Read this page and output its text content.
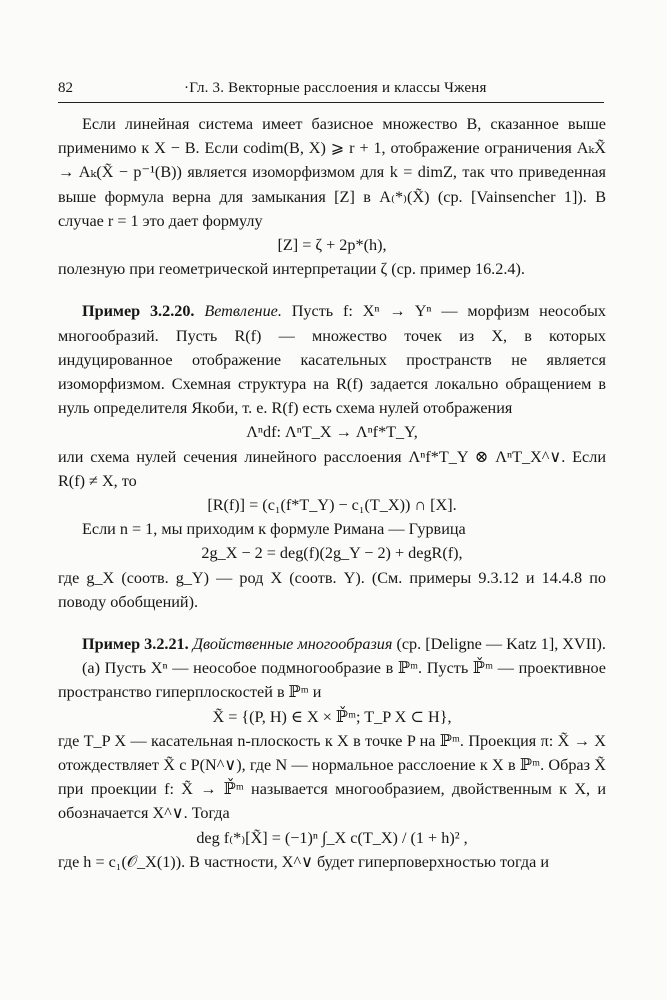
82	·Гл. 3. Векторные расслоения и классы Чженя

Если линейная система имеет базисное множество B, сказанное выше применимо к X − B. Если codim(B, X) ⩾ r + 1, отображение ограничения AₖX̃ → Aₖ(X̃ − p⁻¹(B)) является изоморфизмом для k = dimZ, так что приведенная выше формула верна для замыкания [Z] в A₍*₎(X̃) (ср. [Vainsencher 1]). В случае r = 1 это дает формулу

[Z] = ζ + 2p*(h),

полезную при геометрической интерпретации ζ (ср. пример 16.2.4).

Пример 3.2.20. Ветвление. Пусть f: Xⁿ → Yⁿ — морфизм неособых многообразий. Пусть R(f) — множество точек из X, в которых индуцированное отображение касательных пространств не является изоморфизмом. Схемная структура на R(f) задается локально обращением в нуль определителя Якоби, т. е. R(f) есть схема нулей отображения

Λⁿdf: ΛⁿT_X → Λⁿf*T_Y,

или схема нулей сечения линейного расслоения Λⁿf*T_Y ⊗ ΛⁿT_X^∨. Если R(f) ≠ X, то

[R(f)] = (c₁(f*T_Y) − c₁(T_X)) ∩ [X].

Если n = 1, мы приходим к формуле Римана — Гурвица

2g_X − 2 = deg(f)(2g_Y − 2) + degR(f),

где g_X (соотв. g_Y) — род X (соотв. Y). (См. примеры 9.3.12 и 14.4.8 по поводу обобщений).

Пример 3.2.21. Двойственные многообразия (ср. [Deligne — Katz 1], XVII).

(а) Пусть Xⁿ — неособое подмногообразие в ℙᵐ. Пусть ℙ̌ᵐ — проективное пространство гиперплоскостей в ℙᵐ и

X̃ = {(P, H) ∈ X × ℙ̌ᵐ; T_P X ⊂ H},

где T_P X — касательная n-плоскость к X в точке P на ℙᵐ. Проекция π: X̃ → X отождествляет X̃ с P(N^∨), где N — нормальное расслоение к X в ℙᵐ. Образ X̃ при проекции f: X̃ → ℙ̌ᵐ называется многообразием, двойственным к X, и обозначается X^∨. Тогда

deg f₍*₎[X̃] = (−1)ⁿ ∫_X c(T_X) / (1 + h)² ,

где h = c₁(𝒪_X(1)). В частности, X^∨ будет гиперповерхностью тогда и
